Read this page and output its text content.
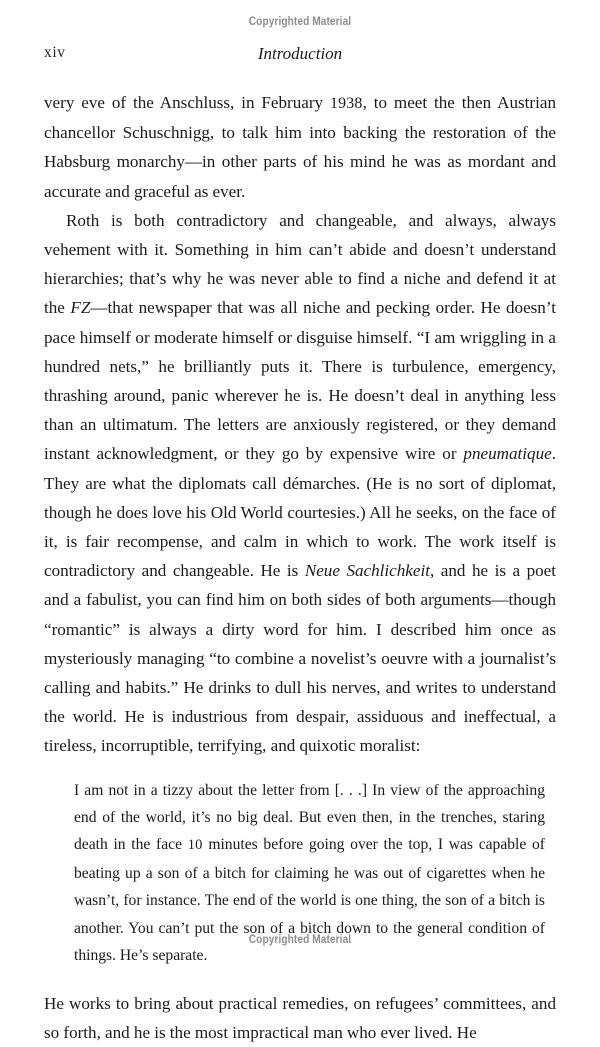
Copyrighted Material
xiv	Introduction

very eve of the Anschluss, in February 1938, to meet the then Austrian chancellor Schuschnigg, to talk him into backing the restoration of the Habsburg monarchy—in other parts of his mind he was as mordant and accurate and graceful as ever.

Roth is both contradictory and changeable, and always, always vehement with it. Something in him can’t abide and doesn’t understand hierarchies; that’s why he was never able to find a niche and defend it at the FZ—that newspaper that was all niche and pecking order. He doesn’t pace himself or moderate himself or disguise himself. “I am wriggling in a hundred nets,” he brilliantly puts it. There is turbulence, emergency, thrashing around, panic wherever he is. He doesn’t deal in anything less than an ultimatum. The letters are anxiously registered, or they demand instant acknowledgment, or they go by expensive wire or pneumatique. They are what the diplomats call démarches. (He is no sort of diplomat, though he does love his Old World courtesies.) All he seeks, on the face of it, is fair recompense, and calm in which to work. The work itself is contradictory and changeable. He is Neue Sachlichkeit, and he is a poet and a fabulist, you can find him on both sides of both arguments—though “romantic” is always a dirty word for him. I described him once as mysteriously managing “to combine a novelist’s oeuvre with a journalist’s calling and habits.” He drinks to dull his nerves, and writes to understand the world. He is industrious from despair, assiduous and ineffectual, a tireless, incorruptible, terrifying, and quixotic moralist:

I am not in a tizzy about the letter from [. . .] In view of the approaching end of the world, it’s no big deal. But even then, in the trenches, staring death in the face 10 minutes before going over the top, I was capable of beating up a son of a bitch for claiming he was out of cigarettes when he wasn’t, for instance. The end of the world is one thing, the son of a bitch is another. You can’t put the son of a bitch down to the general condition of things. He’s separate.

He works to bring about practical remedies, on refugees’ committees, and so forth, and he is the most impractical man who ever lived. He

Copyrighted Material
